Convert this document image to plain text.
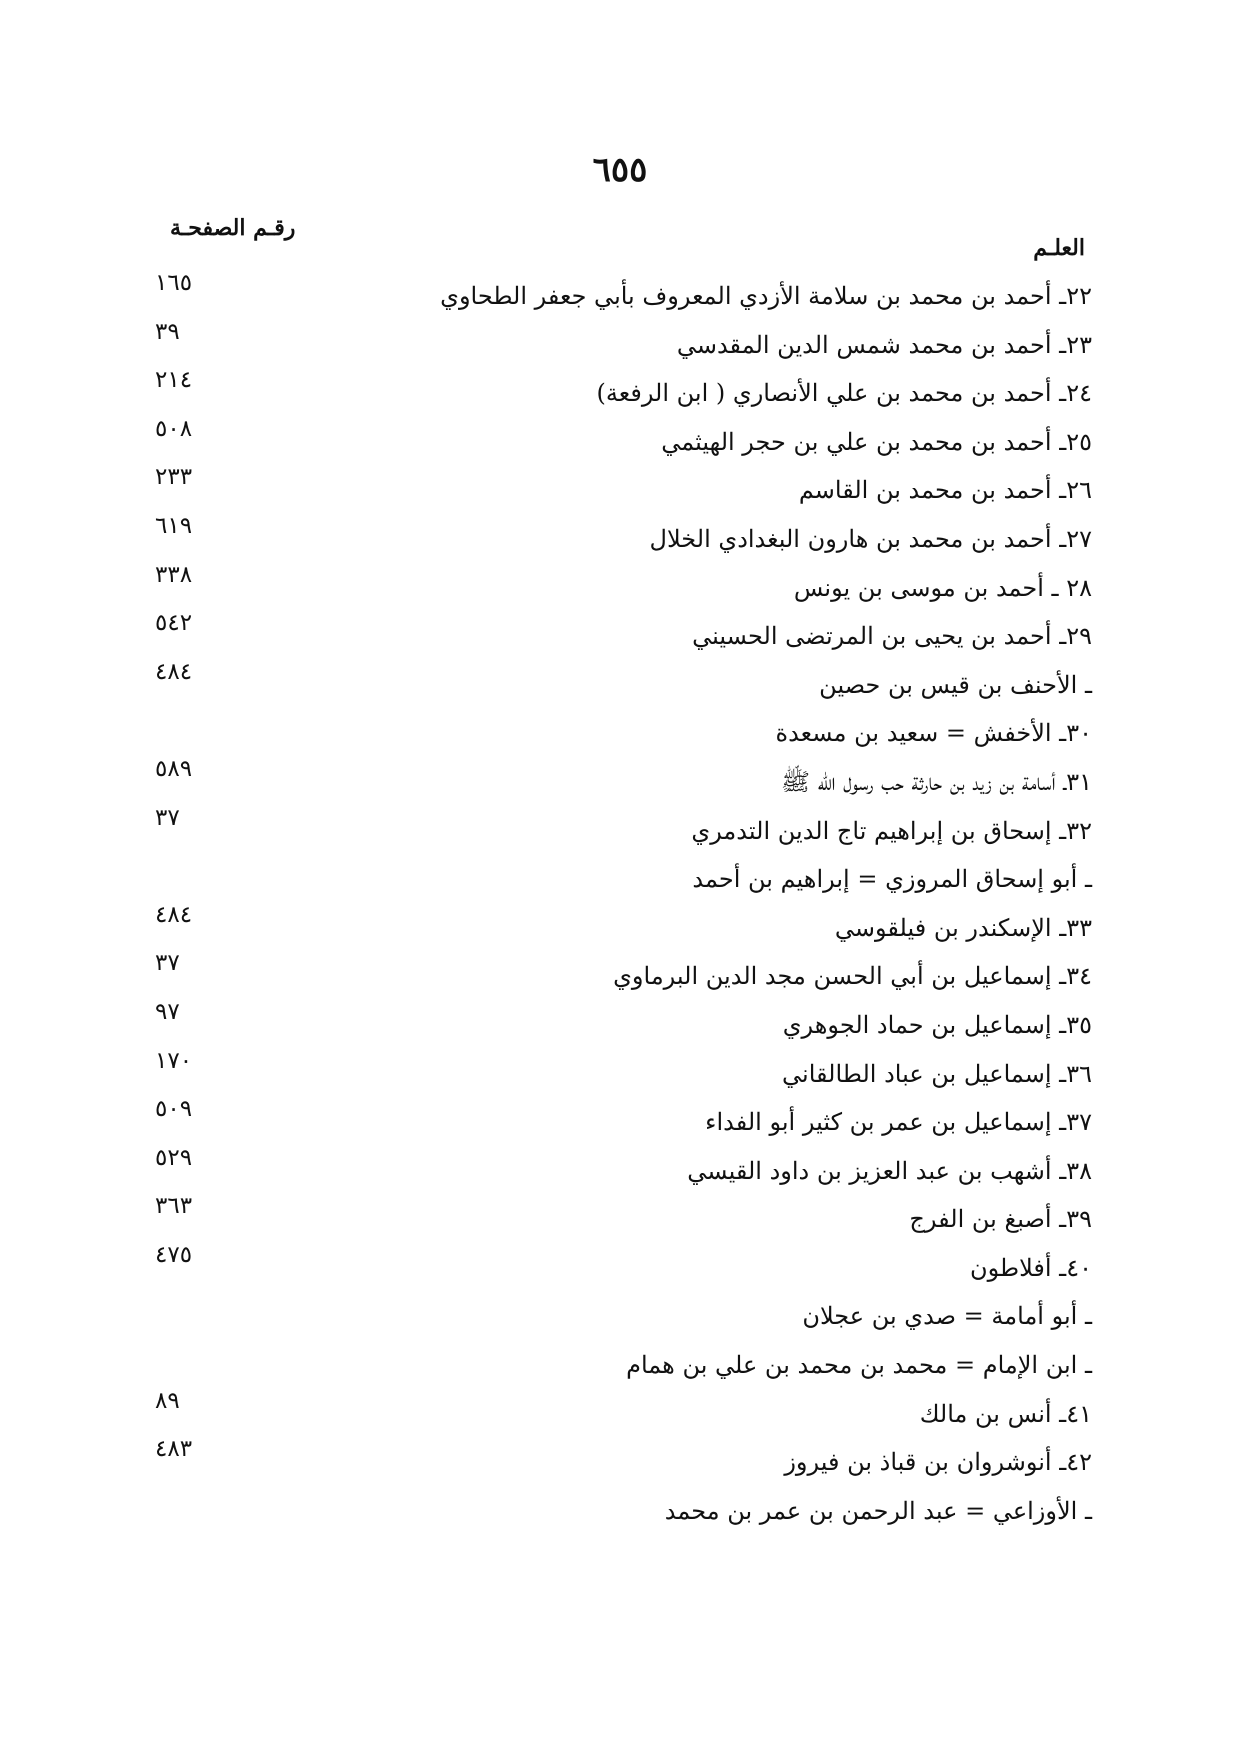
٦٥٥
رقـم الصفحـة
العلـم
٢٢ـ أحمد بن محمد بن سلامة الأزدي المعروف بأبي جعفر الطحاوي
١٦٥
٢٣ـ أحمد بن محمد شمس الدين المقدسي
٣٩
٢٤ـ أحمد بن محمد بن علي الأنصاري ( ابن الرفعة)
٢١٤
٢٥ـ أحمد بن محمد بن علي بن حجر الهيثمي
٥٠٨
٢٦ـ أحمد بن محمد بن القاسم
٢٣٣
٢٧ـ أحمد بن محمد بن هارون البغدادي الخلال
٦١٩
٢٨ ـ أحمد بن موسى بن يونس
٣٣٨
٢٩ـ أحمد بن يحيى بن المرتضى الحسيني
٥٤٢
ـ الأحنف بن قيس بن حصين
٤٨٤
٣٠ـ الأخفش = سعيد بن مسعدة
٣١ـ أسامة بن زيد بن حارثة حب رسول الله ﷺ
٥٨٩
٣٢ـ إسحاق بن إبراهيم تاج الدين التدمري
٣٧
ـ أبو إسحاق المروزي = إبراهيم بن أحمد
٣٣ـ الإسكندر بن فيلقوسي
٤٨٤
٣٤ـ إسماعيل بن أبي الحسن مجد الدين البرماوي
٣٧
٣٥ـ إسماعيل بن حماد الجوهري
٩٧
٣٦ـ إسماعيل بن عباد الطالقاني
١٧٠
٣٧ـ إسماعيل بن عمر بن كثير أبو الفداء
٥٠٩
٣٨ـ أشهب بن عبد العزيز بن داود القيسي
٥٢٩
٣٩ـ أصبغ بن الفرج
٣٦٣
٤٠ـ أفلاطون
٤٧٥
ـ أبو أمامة = صدي بن عجلان
ـ ابن الإمام = محمد بن محمد بن علي بن همام
٤١ـ أنس بن مالك
٨٩
٤٢ـ أنوشروان بن قباذ بن فيروز
٤٨٣
ـ الأوزاعي = عبد الرحمن بن عمر بن محمد
